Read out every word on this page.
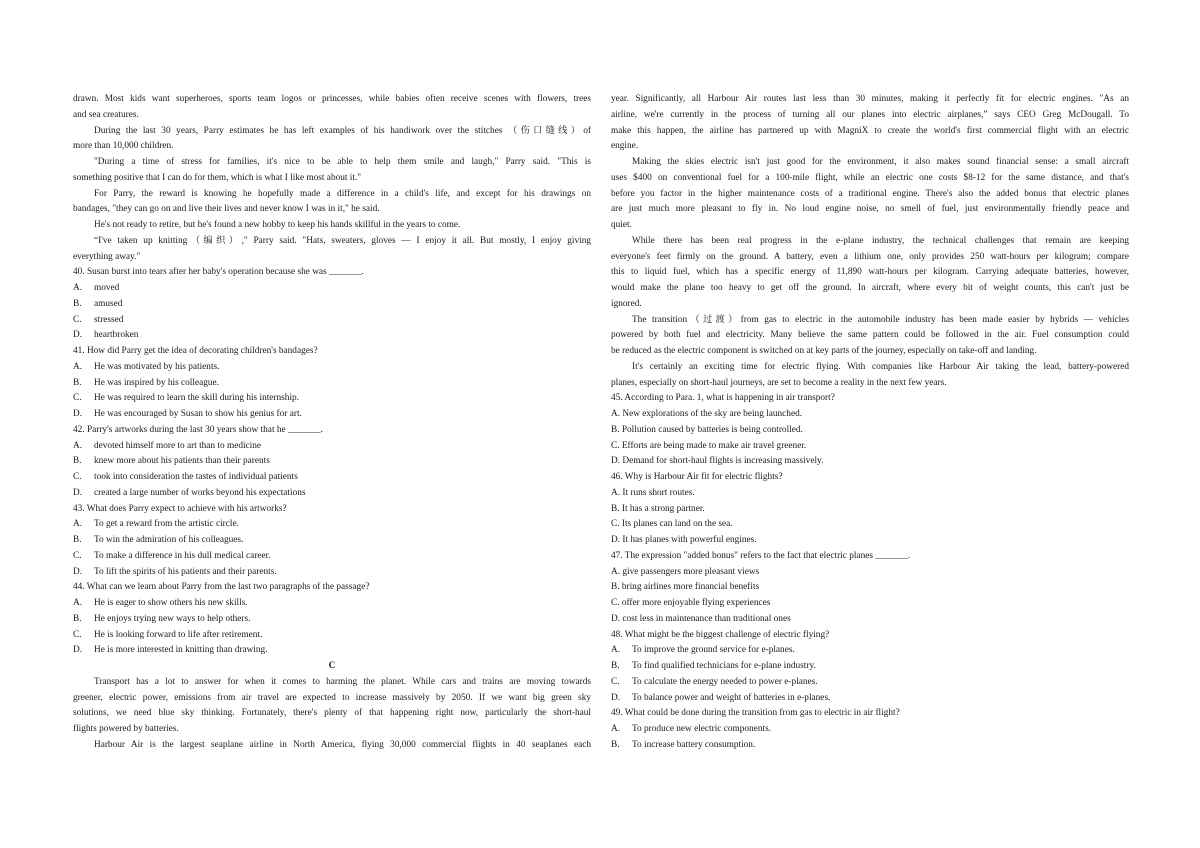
drawn. Most kids want superheroes, sports team logos or princesses, while babies often receive scenes with flowers, trees
and sea creatures.
During the last 30 years, Parry estimates he has left examples of his handiwork over the stitches （伤口缝线）of
more than 10,000 children.
"During a time of stress for families, it's nice to be able to help them smile and laugh," Parry said. "This is
something positive that I can do for them, which is what I like most about it."
For Parry, the reward is knowing he hopefully made a difference in a child's life, and except for his drawings on
bandages, "they can go on and live their lives and never know I was in it," he said.
He's not ready to retire, but he's found a new hobby to keep his hands skillful in the years to come.
“I've taken up knitting（编织）," Parry said. "Hats, sweaters, gloves — I enjoy it all. But mostly, I enjoy giving
everything away."
40. Susan burst into tears after her baby's operation because she was _______.
A.	moved
B.	amused
C.	stressed
D.	heartbroken
41. How did Parry get the idea of decorating children's bandages?
A.	He was motivated by his patients.
B.	He was inspired by his colleague.
C.	He was required to learn the skill during his internship.
D.	He was encouraged by Susan to show his genius for art.
42. Parry's artworks during the last 30 years show that he _______.
A.	devoted himself more to art than to medicine
B.	knew more about his patients than their parents
C.	took into consideration the tastes of individual patients
D.	created a large number of works beyond his expectations
43. What does Parry expect to achieve with his artworks?
A.	To get a reward from the artistic circle.
B.	To win the admiration of his colleagues.
C.	To make a difference in his dull medical career.
D.	To lift the spirits of his patients and their parents.
44. What can we learn about Parry from the last two paragraphs of the passage?
A.	He is eager to show others his new skills.
B.	He enjoys trying new ways to help others.
C.	He is looking forward to life after retirement.
D.	He is more interested in knitting than drawing.
C
Transport has a lot to answer for when it comes to harming the planet. While cars and trains are moving towards
greener, electric power, emissions from air travel are expected to increase massively by 2050. If we want big green sky
solutions, we need blue sky thinking. Fortunately, there's plenty of that happening right now, particularly the short-haul
flights powered by batteries.
Harbour Air is the largest seaplane airline in North America, flying 30,000 commercial flights in 40 seaplanes each
year. Significantly, all Harbour Air routes last less than 30 minutes, making it perfectly fit for electric engines. "As an
airline, we're currently in the process of turning all our planes into electric airplanes,” says CEO Greg McDougall. To
make this happen, the airline has partnered up with MagniX to create the world's first commercial flight with an electric
engine.
Making the skies electric isn't just good for the environment, it also makes sound financial sense: a small aircraft
uses $400 on conventional fuel for a 100-mile flight, while an electric one costs $8-12 for the same distance, and that's
before you factor in the higher maintenance costs of a traditional engine. There's also the added bonus that electric planes
are just much more pleasant to fly in. No loud engine noise, no smell of fuel, just environmentally friendly peace and
quiet.
While there has been real progress in the e-plane industry, the technical challenges that remain are keeping
everyone's feet firmly on the ground. A battery, even a lithium one, only provides 250 watt-hours per kilogram; compare
this to liquid fuel, which has a specific energy of 11,890 watt-hours per kilogram. Carrying adequate batteries, however,
would make the plane too heavy to get off the ground. In aircraft, where every bit of weight counts, this can't just be
ignored.
The transition（过渡）from gas to electric in the automobile industry has been made easier by hybrids — vehicles
powered by both fuel and electricity. Many believe the same pattern could be followed in the air. Fuel consumption could
be reduced as the electric component is switched on at key parts of the journey, especially on take-off and landing.
It's certainly an exciting time for electric flying. With companies like Harbour Air taking the lead, battery-powered
planes, especially on short-haul journeys, are set to become a reality in the next few years.
45. According to Para. 1, what is happening in air transport?
A. New explorations of the sky are being launched.
B. Pollution caused by batteries is being controlled.
C. Efforts are being made to make air travel greener.
D. Demand for short-haul flights is increasing massively.
46. Why is Harbour Air fit for electric flights?
A. It runs short routes.
B. It has a strong partner.
C. Its planes can land on the sea.
D. It has planes with powerful engines.
47. The expression "added bonus" refers to the fact that electric planes _______.
A. give passengers more pleasant views
B. bring airlines more financial benefits
C. offer more enjoyable flying experiences
D. cost less in maintenance than traditional ones
48. What might be the biggest challenge of electric flying?
A.	To improve the ground service for e-planes.
B.	To find qualified technicians for e-plane industry.
C.	To calculate the energy needed to power e-planes.
D.	To balance power and weight of batteries in e-planes.
49. What could be done during the transition from gas to electric in air flight?
A.	To produce new electric components.
B.	To increase battery consumption.
